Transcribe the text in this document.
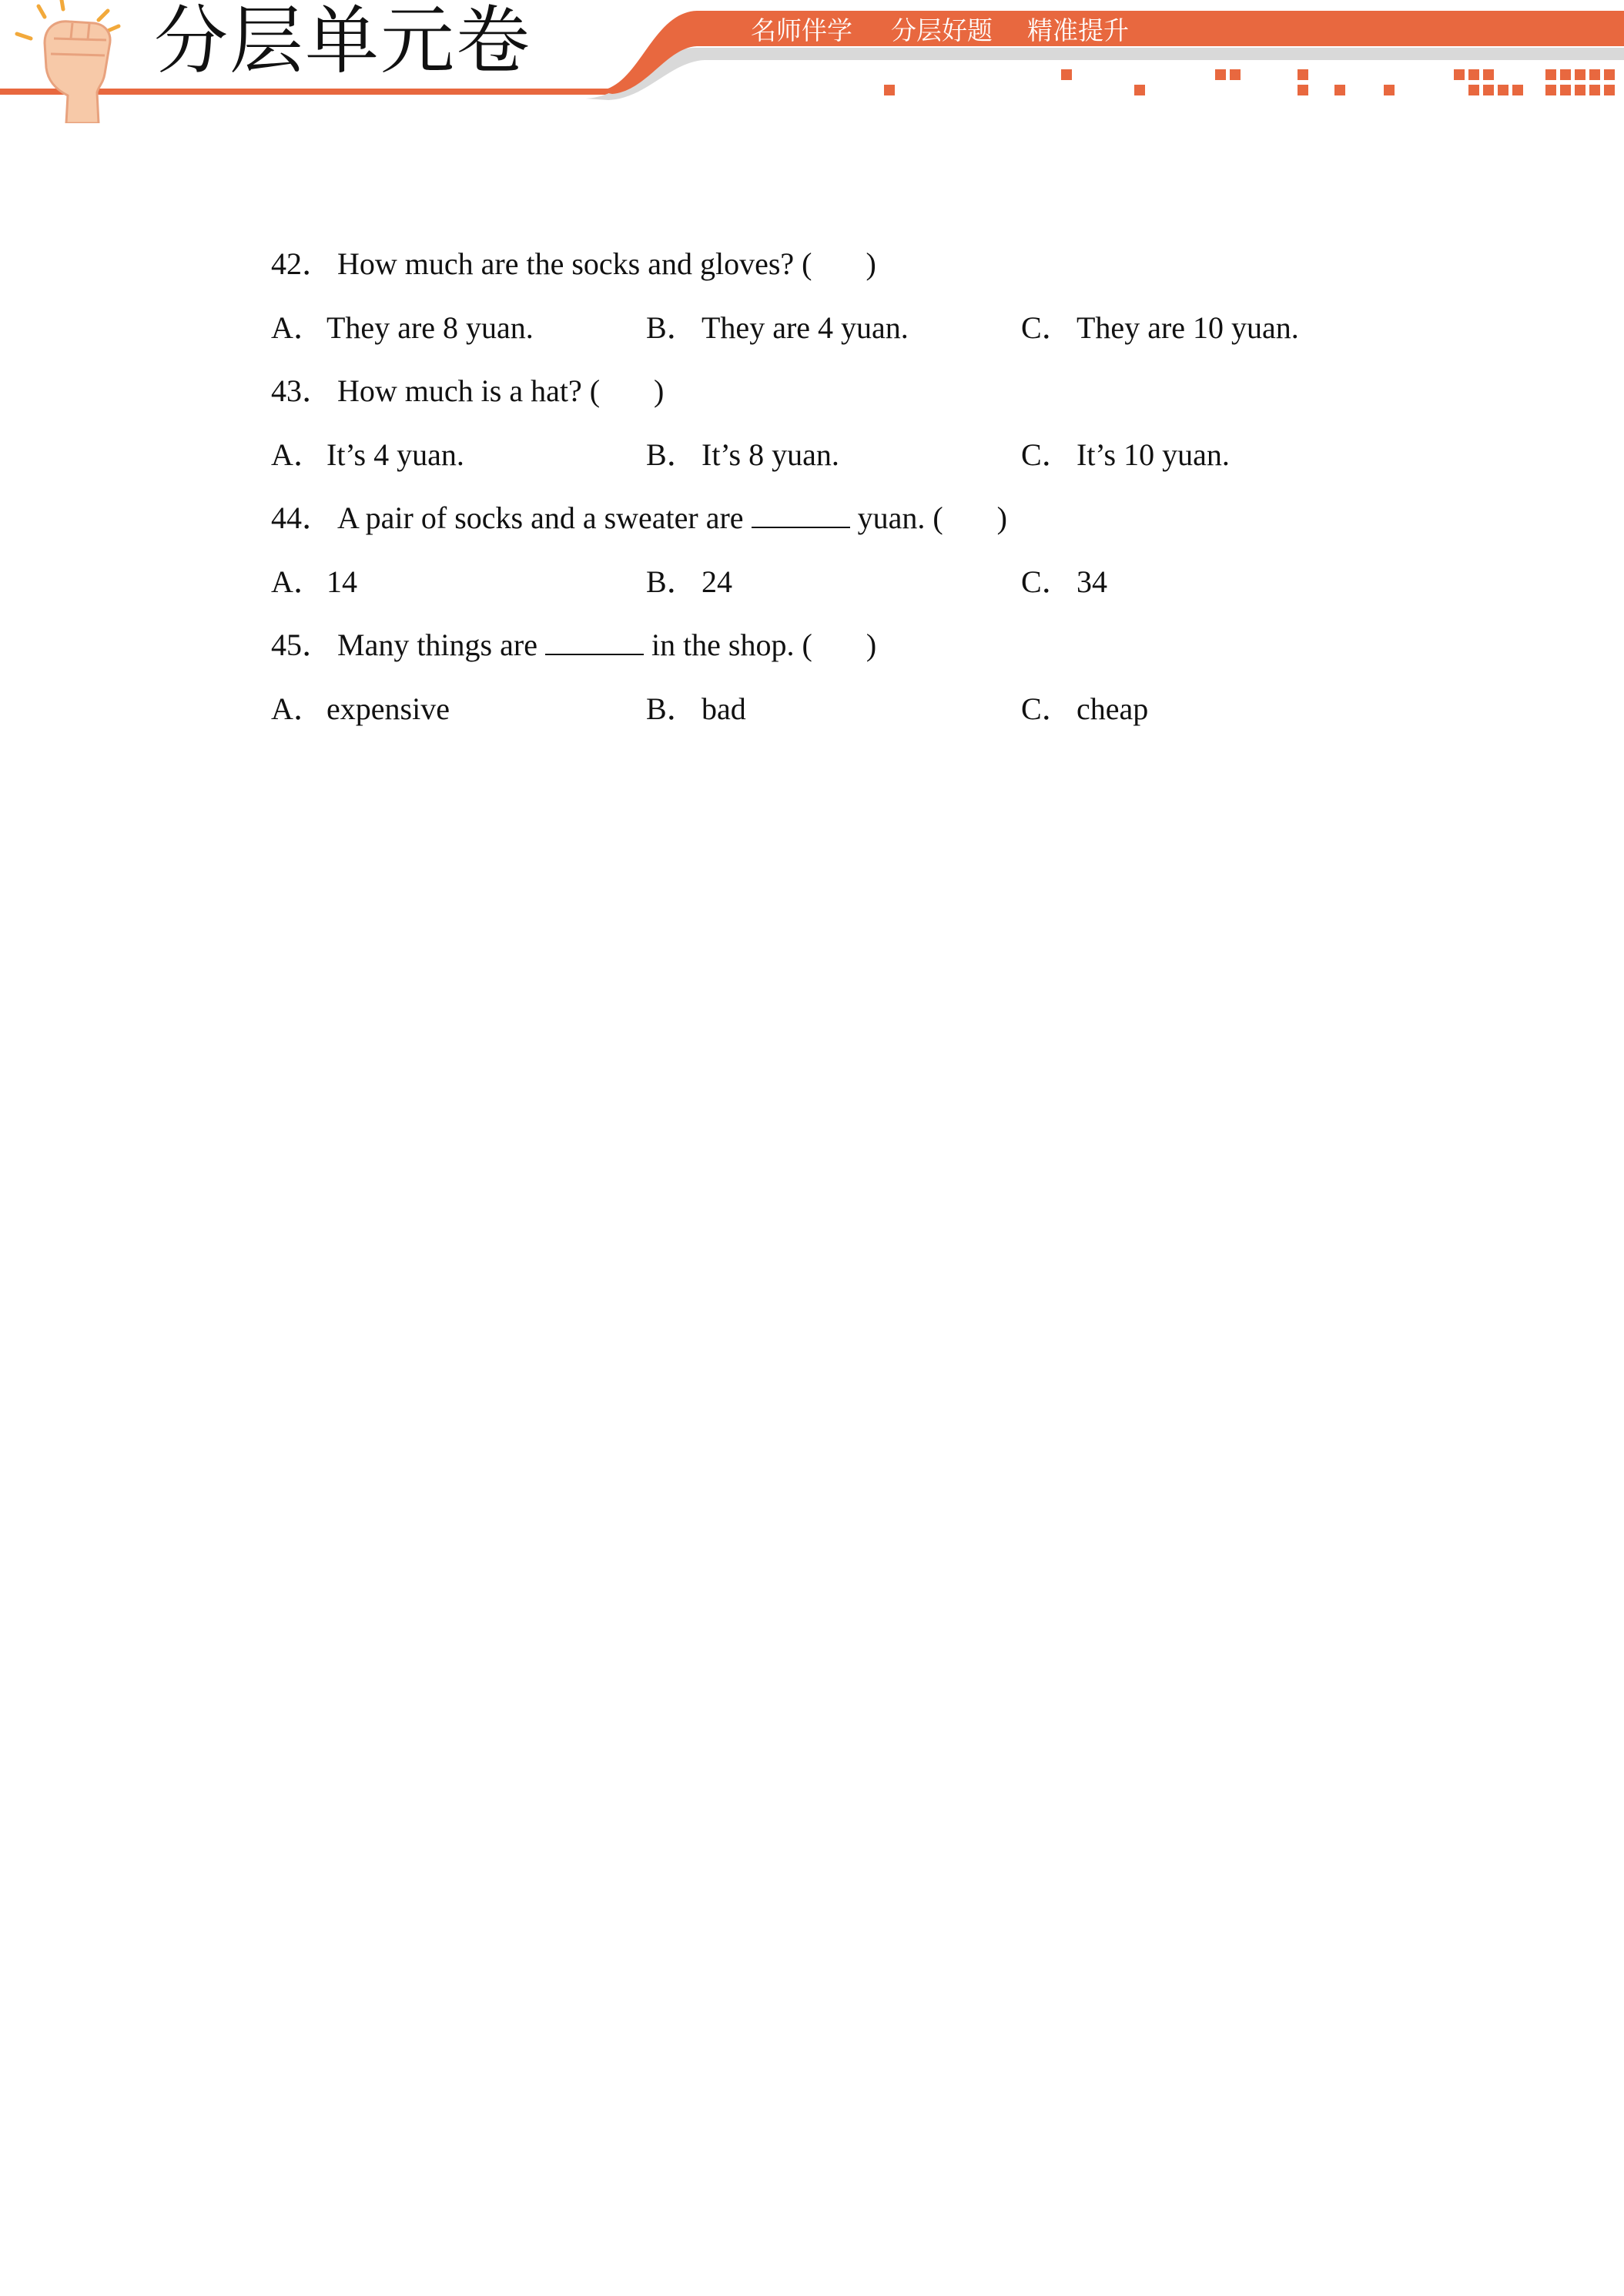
分层单元卷	名师伴学 分层好题 精准提升
42． How much are the socks and gloves? ( )
A． They are 8 yuan.	B． They are 4 yuan.	C． They are 10 yuan.
43． How much is a hat? ( )
A． It’s 4 yuan.	B． It’s 8 yuan.	C． It’s 10 yuan.
44． A pair of socks and a sweater are	yuan. ( )
A． 14	B． 24	C． 34
45． Many things are	in the shop. ( )
A． expensive	B． bad	C． cheap
